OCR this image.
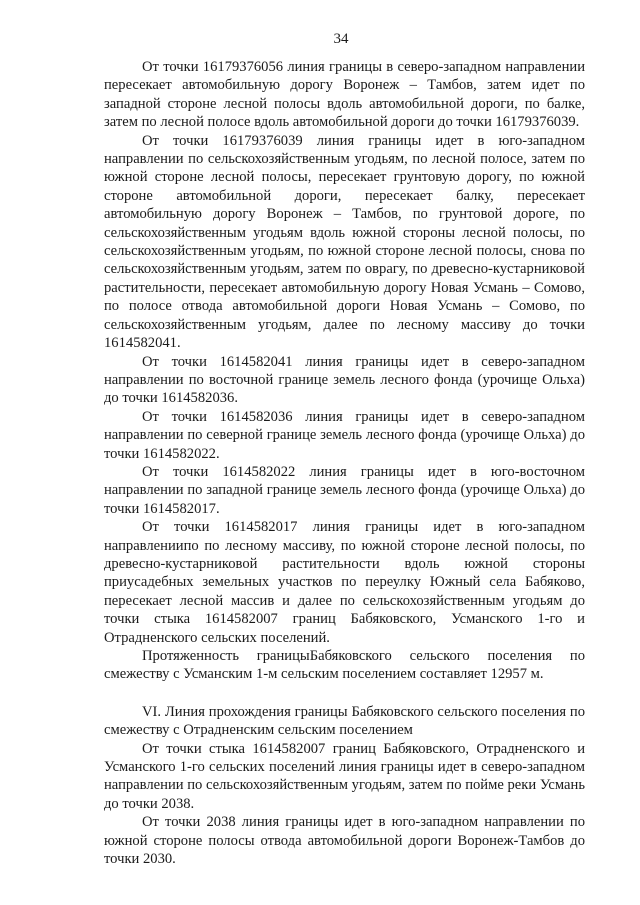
34

От точки 16179376056 линия границы в северо-западном направлении пересекает автомобильную дорогу Воронеж – Тамбов, затем идет по западной стороне лесной полосы вдоль автомобильной дороги, по балке, затем по лесной полосе вдоль автомобильной дороги до точки 16179376039.

От точки 16179376039 линия границы идет в юго-западном направлении по сельскохозяйственным угодьям, по лесной полосе, затем по южной стороне лесной полосы, пересекает грунтовую дорогу, по южной стороне автомобильной дороги, пересекает балку, пересекает автомобильную дорогу Воронеж – Тамбов, по грунтовой дороге, по сельскохозяйственным угодьям вдоль южной стороны лесной полосы, по сельскохозяйственным угодьям, по южной стороне лесной полосы, снова по сельскохозяйственным угодьям, затем по оврагу, по древесно-кустарниковой растительности, пересекает автомобильную дорогу Новая Усмань – Сомово, по полосе отвода автомобильной дороги Новая Усмань – Сомово, по сельскохозяйственным угодьям, далее по лесному массиву до точки 1614582041.

От точки 1614582041 линия границы идет в северо-западном направлении по восточной границе земель лесного фонда (урочище Ольха) до точки 1614582036.

От точки 1614582036 линия границы идет в северо-западном направлении по северной границе земель лесного фонда (урочище Ольха) до точки 1614582022.

От точки 1614582022 линия границы идет в юго-восточном направлении по западной границе земель лесного фонда (урочище Ольха) до точки 1614582017.

От точки 1614582017 линия границы идет в юго-западном направлениипо по лесному массиву, по южной стороне лесной полосы, по древесно-кустарниковой растительности вдоль южной стороны приусадебных земельных участков по переулку Южный села Бабяково, пересекает лесной массив и далее по сельскохозяйственным угодьям до точки стыка 1614582007 границ Бабяковского, Усманского 1-го и Отрадненского сельских поселений.

Протяженность границыБабяковского сельского поселения по смежеству с Усманским 1-м сельским поселением составляет 12957 м.

VI. Линия прохождения границы Бабяковского сельского поселения по смежеству с Отрадненским сельским поселением

От точки стыка 1614582007 границ Бабяковского, Отрадненского и Усманского 1-го сельских поселений линия границы идет в северо-западном направлении по сельскохозяйственным угодьям, затем по пойме реки Усмань до точки 2038.

От точки 2038 линия границы идет в юго-западном направлении по южной стороне полосы отвода автомобильной дороги Воронеж-Тамбов до точки 2030.
